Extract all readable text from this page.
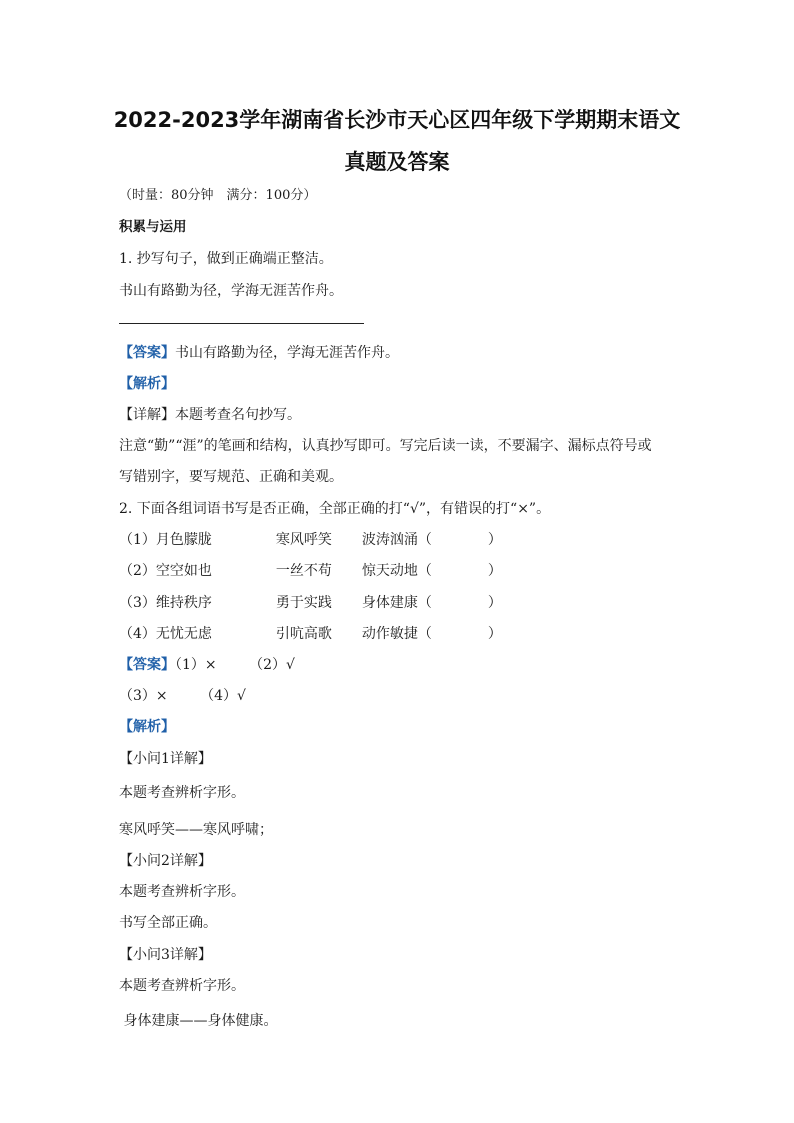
2022-2023学年湖南省长沙市天心区四年级下学期期末语文
真题及答案
（时量：80分钟　满分：100分）
积累与运用
1. 抄写句子，做到正确端正整洁。
书山有路勤为径，学海无涯苦作舟。
【答案】书山有路勤为径，学海无涯苦作舟。
【解析】
【详解】本题考查名句抄写。
注意“勤”“涯”的笔画和结构，认真抄写即可。写完后读一读，不要漏字、漏标点符号或
写错别字，要写规范、正确和美观。
2. 下面各组词语书写是否正确，全部正确的打“√”，有错误的打“×”。
（1）月色朦胧	寒风呼笑 波涛汹涌（	）
（2）空空如也	一丝不苟 惊天动地（	）
（3）维持秩序	勇于实践 身体建康（	）
（4）无忧无虑	引吭高歌 动作敏捷（	）
【答案】（1）×　　 （2）√
（3）×　　 （4）√
【解析】
【小问1详解】
本题考查辨析字形。
寒风呼笑——寒风呼啸；
【小问2详解】
本题考查辨析字形。
书写全部正确。
【小问3详解】
本题考查辨析字形。
身体建康——身体健康。
